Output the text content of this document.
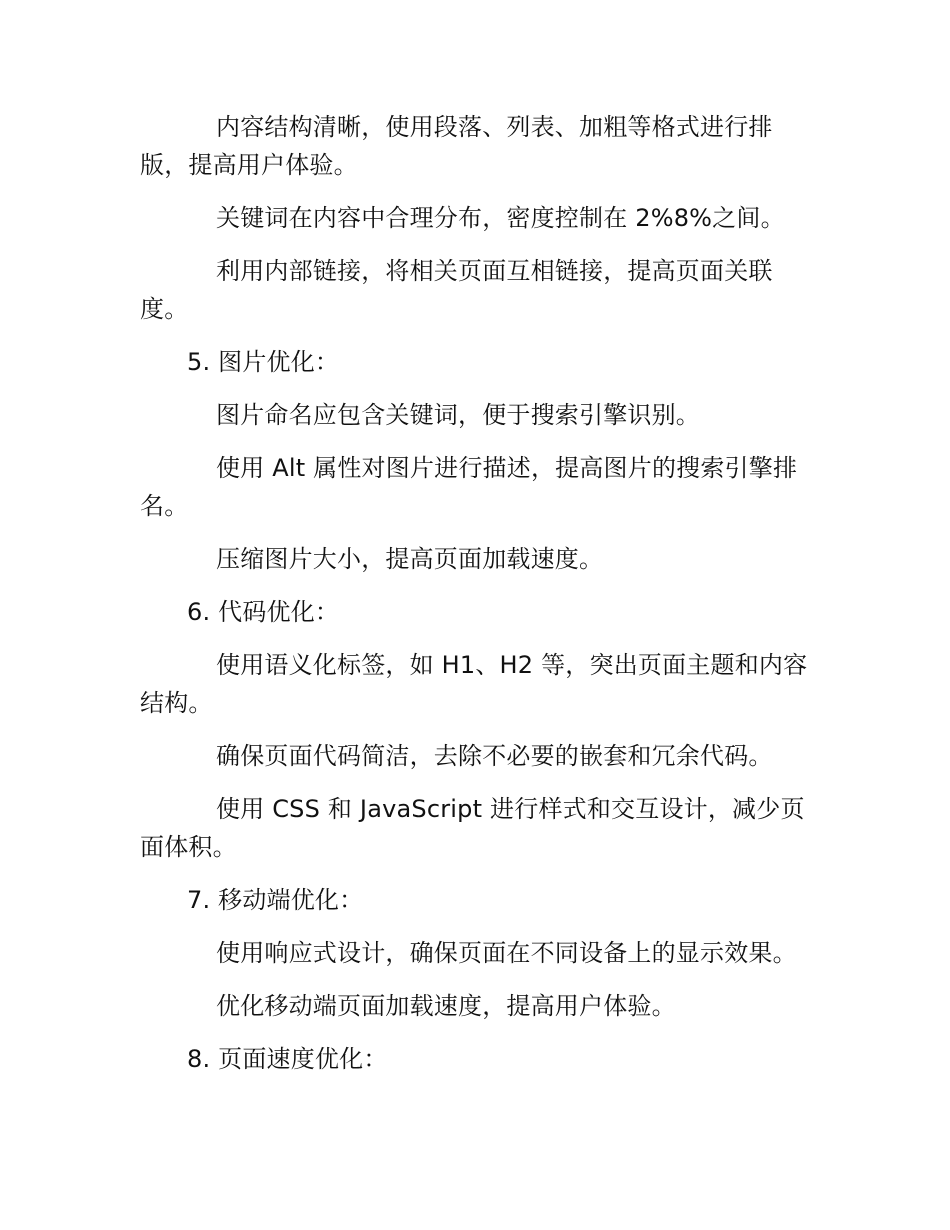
内容结构清晰，使用段落、列表、加粗等格式进行排版，提高用户体验。

关键词在内容中合理分布，密度控制在 2%8%之间。

利用内部链接，将相关页面互相链接，提高页面关联度。

5. 图片优化：

图片命名应包含关键词，便于搜索引擎识别。

使用 Alt 属性对图片进行描述，提高图片的搜索引擎排名。

压缩图片大小，提高页面加载速度。

6. 代码优化：

使用语义化标签，如 H1、H2 等，突出页面主题和内容结构。

确保页面代码简洁，去除不必要的嵌套和冗余代码。

使用 CSS 和 JavaScript 进行样式和交互设计，减少页面体积。

7. 移动端优化：

使用响应式设计，确保页面在不同设备上的显示效果。

优化移动端页面加载速度，提高用户体验。

8. 页面速度优化：
